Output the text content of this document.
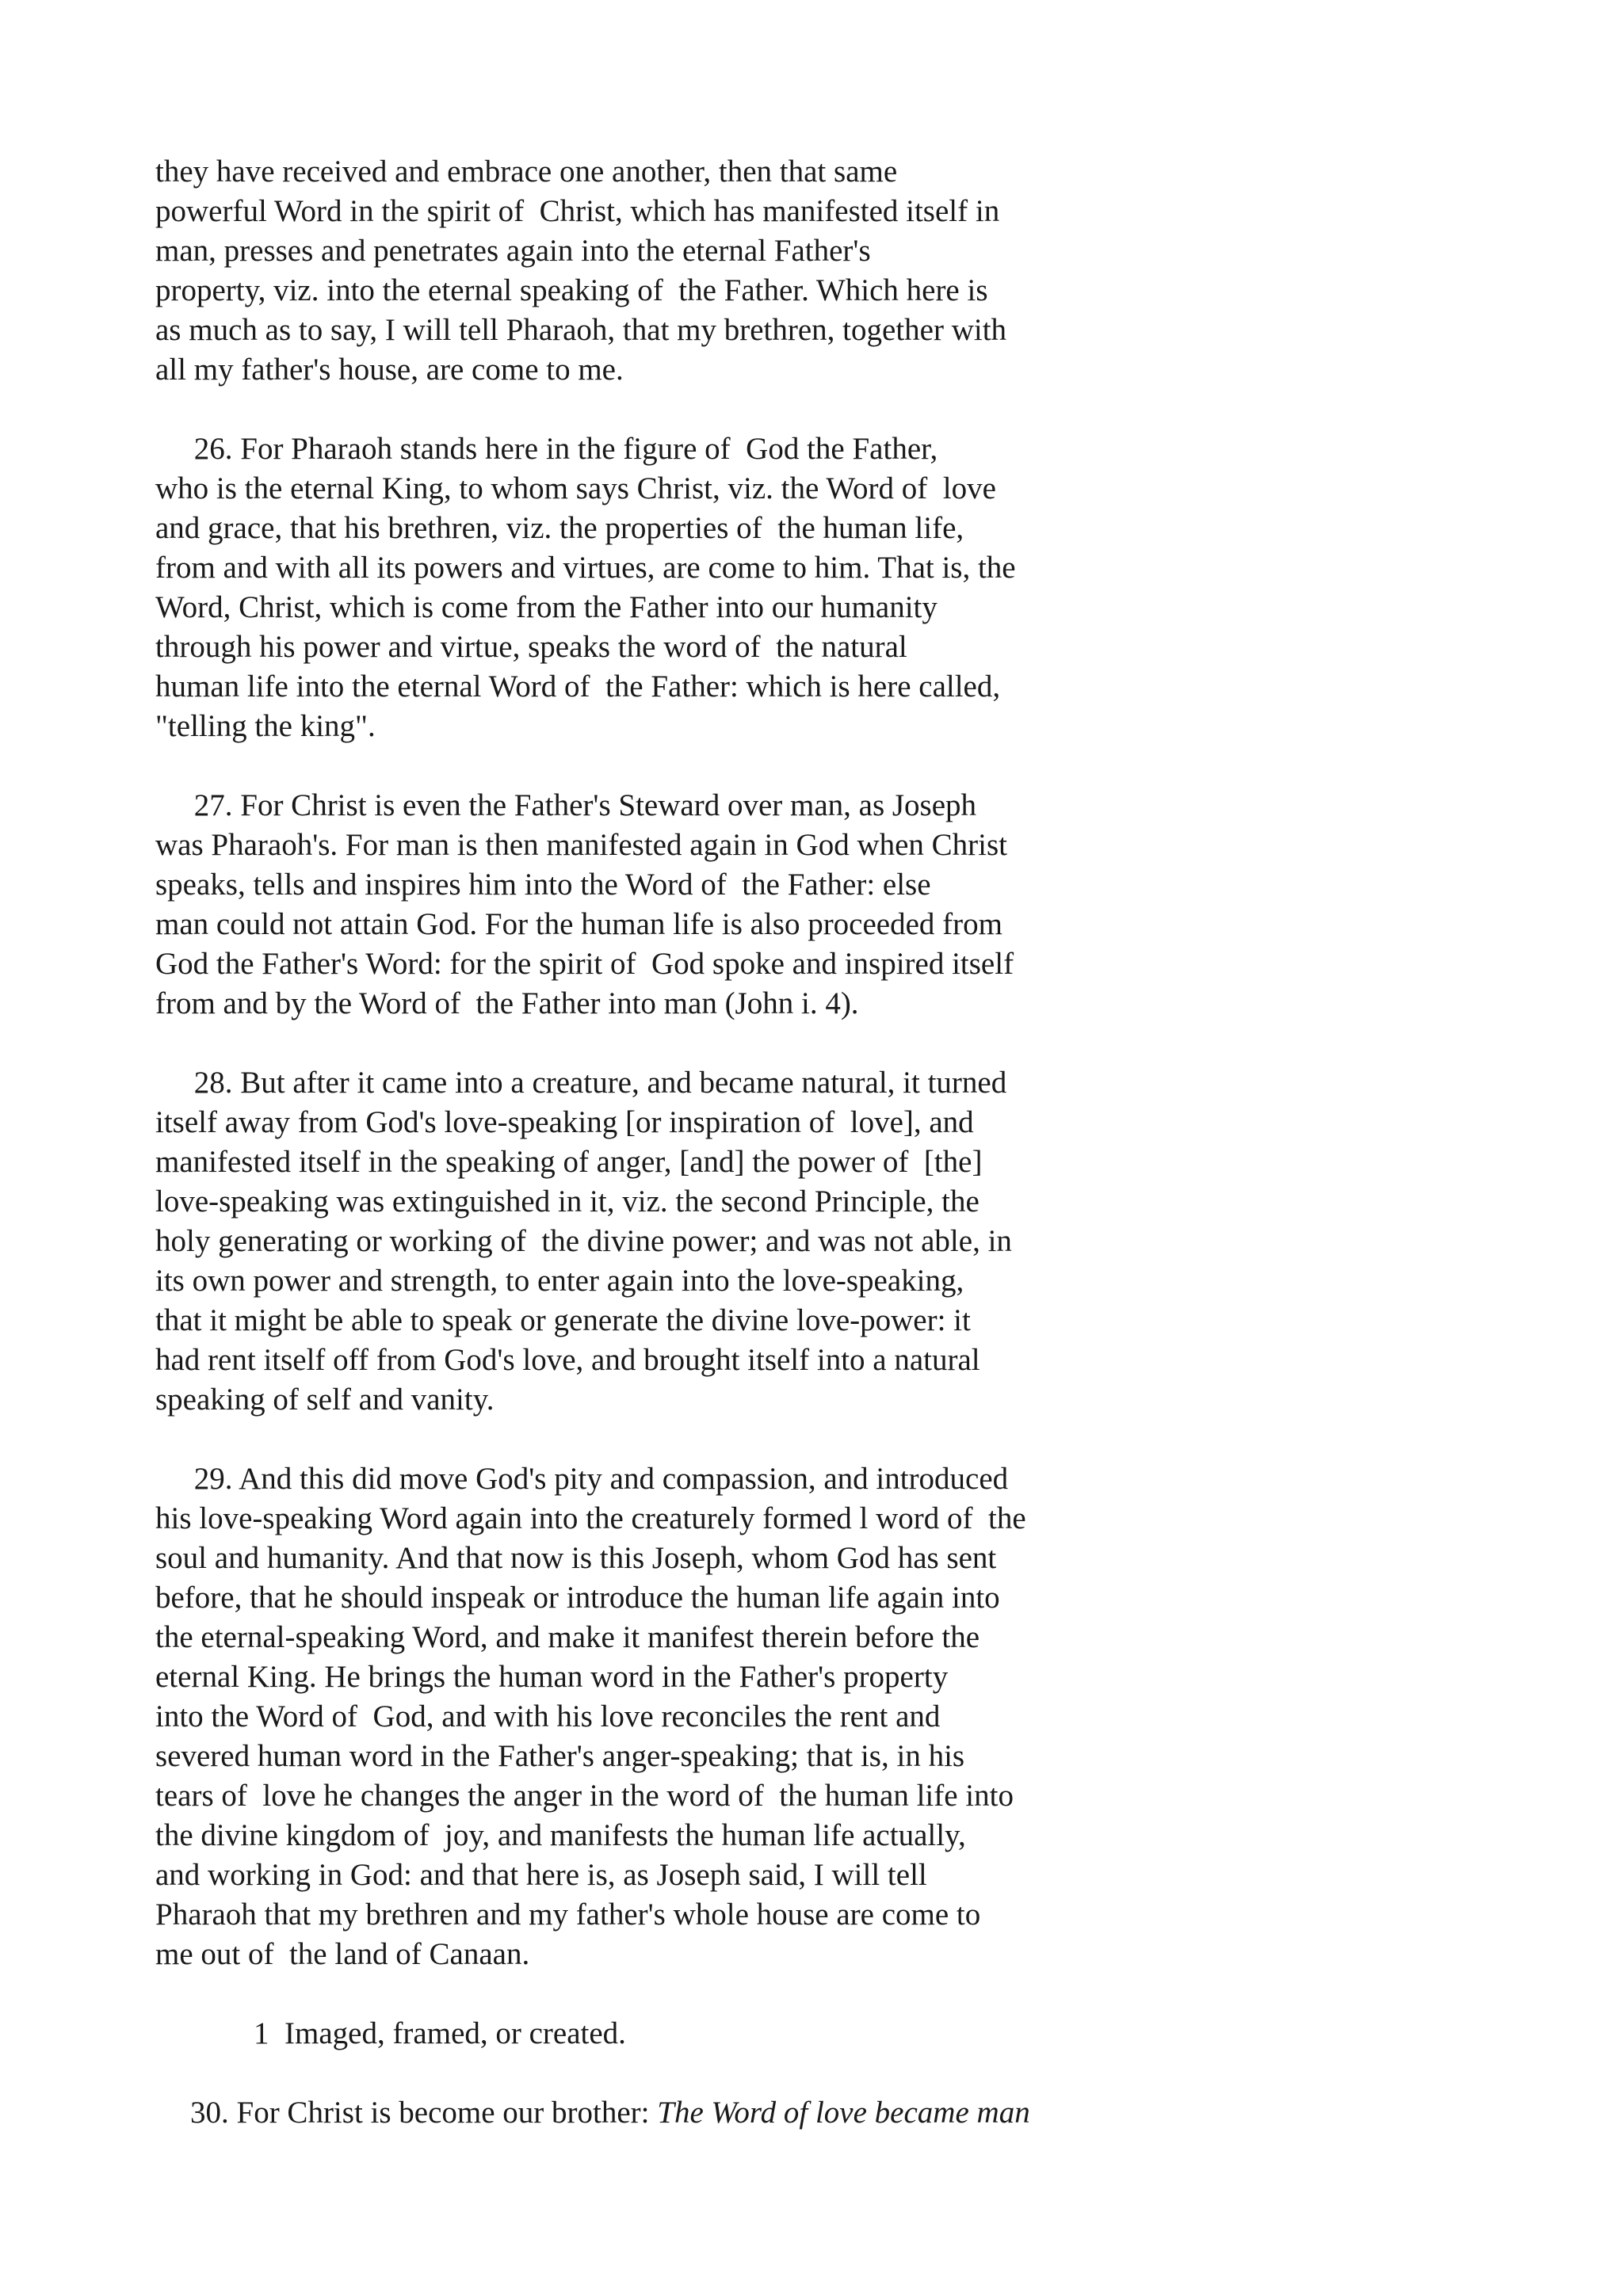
they have received and embrace one another, then that same
powerful Word in the spirit of  Christ, which has manifested itself in
man, presses and penetrates again into the eternal Father's
property, viz. into the eternal speaking of  the Father. Which here is
as much as to say, I will tell Pharaoh, that my brethren, together with
all my father's house, are come to me.
26. For Pharaoh stands here in the figure of  God the Father,
who is the eternal King, to whom says Christ, viz. the Word of  love
and grace, that his brethren, viz. the properties of  the human life,
from and with all its powers and virtues, are come to him. That is, the
Word, Christ, which is come from the Father into our humanity
through his power and virtue, speaks the word of  the natural
human life into the eternal Word of  the Father: which is here called,
"telling the king".
27. For Christ is even the Father's Steward over man, as Joseph
was Pharaoh's. For man is then manifested again in God when Christ
speaks, tells and inspires him into the Word of  the Father: else
man could not attain God. For the human life is also proceeded from
God the Father's Word: for the spirit of  God spoke and inspired itself
from and by the Word of  the Father into man (John i. 4).
28. But after it came into a creature, and became natural, it turned
itself away from God's love-speaking [or inspiration of  love], and
manifested itself in the speaking of anger, [and] the power of  [the]
love-speaking was extinguished in it, viz. the second Principle, the
holy generating or working of  the divine power; and was not able, in
its own power and strength, to enter again into the love-speaking,
that it might be able to speak or generate the divine love-power: it
had rent itself off from God's love, and brought itself into a natural
speaking of self and vanity.
29. And this did move God's pity and compassion, and introduced
his love-speaking Word again into the creaturely formed l word of  the
soul and humanity. And that now is this Joseph, whom God has sent
before, that he should inspeak or introduce the human life again into
the eternal-speaking Word, and make it manifest therein before the
eternal King. He brings the human word in the Father's property
into the Word of  God, and with his love reconciles the rent and
severed human word in the Father's anger-speaking; that is, in his
tears of  love he changes the anger in the word of  the human life into
the divine kingdom of  joy, and manifests the human life actually,
and working in God: and that here is, as Joseph said, I will tell
Pharaoh that my brethren and my father's whole house are come to
me out of  the land of Canaan.
1  Imaged, framed, or created.
30. For Christ is become our brother: The Word of love became man
